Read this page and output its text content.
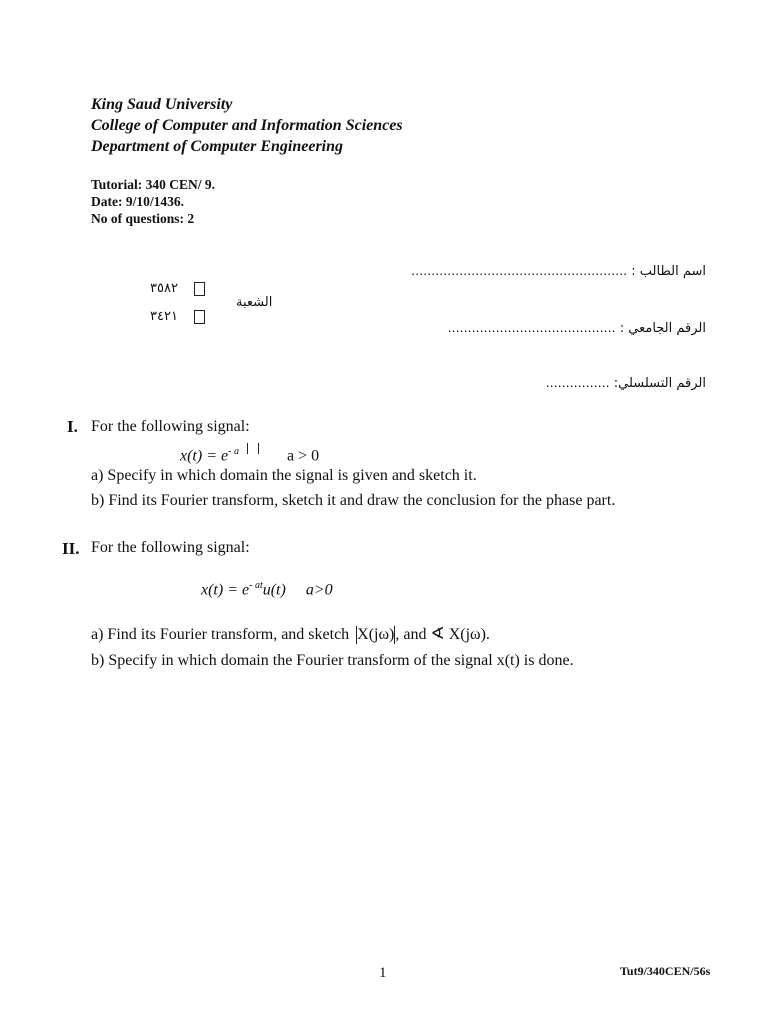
King Saud University
College of Computer and Information Sciences
Department of Computer Engineering
Tutorial: 340 CEN/ 9.
Date: 9/10/1436.
No of questions: 2
اسم الطالب : ………………………………………………
الرقم الجامعي : ……………………………………
الرقم التسلسلي: …………….
٣٥٨٢
٣٤٢١
الشعبة
I. For the following signal:
$x(t) = e^{- a}$	a > 0
a) Specify in which domain the signal is given and sketch it.
b) Find its Fourier transform, sketch it and draw the conclusion for the phase part.
II. For the following signal:
$x(t) = e^{- at}u(t)$ a>0
a) Find its Fourier transform, and sketch X(jω), and ∢ X(jω).
b) Specify in which domain the Fourier transform of the signal x(t) is done.
1	Tut9/340CEN/56s
